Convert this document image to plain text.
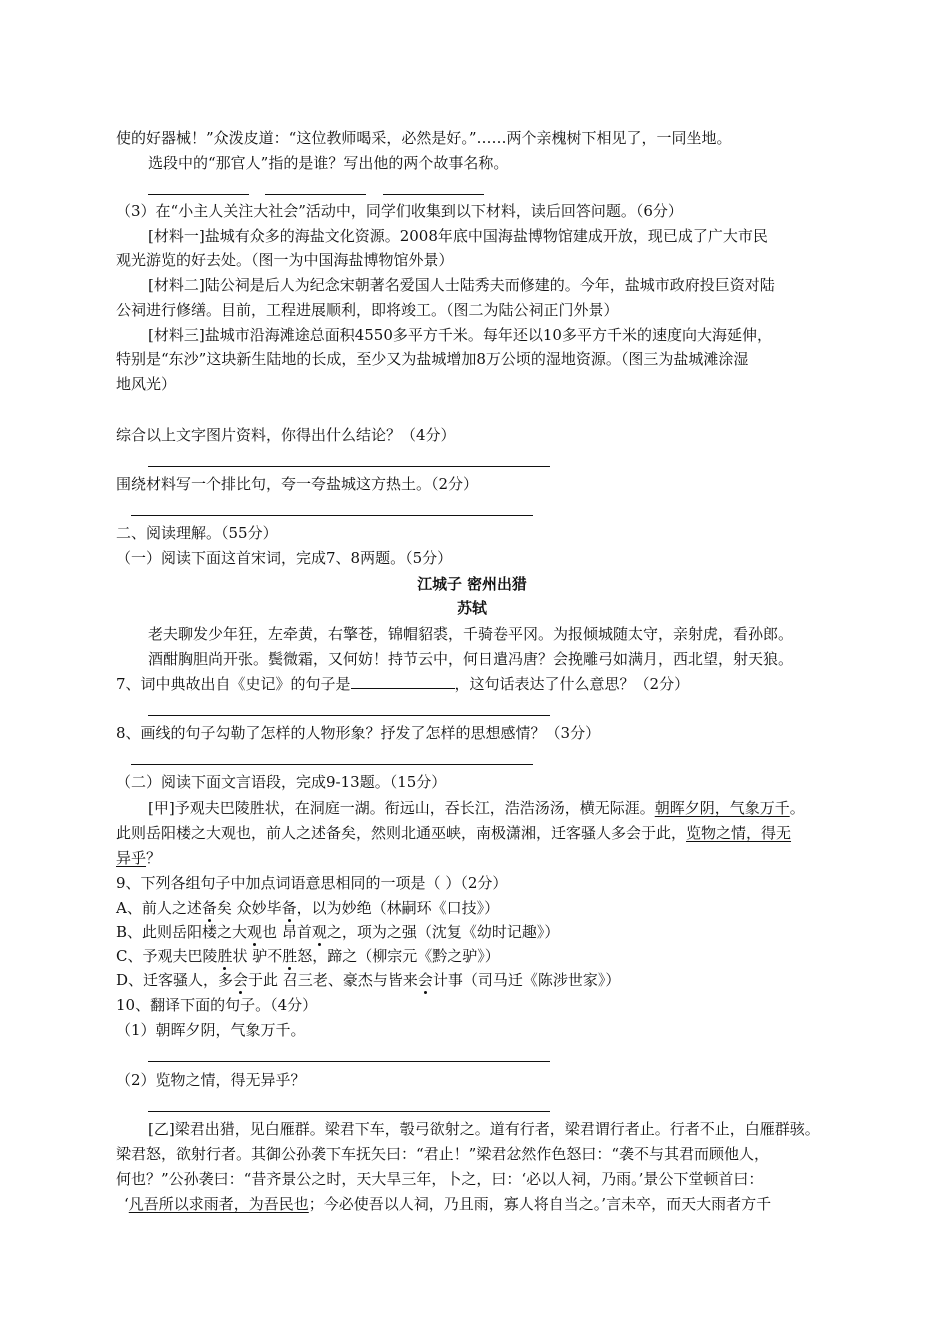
使的好器械！”众泼皮道：“这位教师喝采，必然是好。”……两个亲槐树下相见了，一同坐地。
选段中的“那官人”指的是谁？写出他的两个故事名称。
（3）在“小主人关注大社会”活动中，同学们收集到以下材料，读后回答问题。（6分）
[材料一]盐城有众多的海盐文化资源。2008年底中国海盐博物馆建成开放，现已成了广大市民
观光游览的好去处。（图一为中国海盐博物馆外景）
[材料二]陆公祠是后人为纪念宋朝著名爱国人士陆秀夫而修建的。今年，盐城市政府投巨资对陆
公祠进行修缮。目前，工程进展顺利，即将竣工。（图二为陆公祠正门外景）
[材料三]盐城市沿海滩途总面积4550多平方千米。每年还以10多平方千米的速度向大海延伸，
特别是“东沙”这块新生陆地的长成，至少又为盐城增加8万公顷的湿地资源。（图三为盐城滩涂湿
地风光）
综合以上文字图片资料，你得出什么结论？（4分）
围绕材料写一个排比句，夸一夸盐城这方热土。（2分）
二、阅读理解。（55分）
（一）阅读下面这首宋词，完成7、8两题。（5分）
江城子 密州出猎
苏轼
老夫聊发少年狂，左牵黄，右擎苍，锦帽貂裘，千骑卷平冈。为报倾城随太守，亲射虎，看孙郎。
酒酣胸胆尚开张。鬓微霜，又何妨！持节云中，何日遣冯唐？会挽雕弓如满月，西北望，射天狼。
7、词中典故出自《史记》的句子是	，这句话表达了什么意思？（2分）
8、画线的句子勾勒了怎样的人物形象？抒发了怎样的思想感情？（3分）
（二）阅读下面文言语段，完成9-13题。（15分）
[甲]予观夫巴陵胜状，在洞庭一湖。衔远山，吞长江，浩浩汤汤，横无际涯。朝晖夕阴，气象万千。
此则岳阳楼之大观也，前人之述备矣，然则北通巫峡，南极潇湘，迁客骚人多会于此，览物之情，得无
异乎？
9、下列各组句子中加点词语意思相同的一项是（ ）（2分）
A、前人之述备矣 众妙毕备，以为妙绝（林嗣环《口技》）
B、此则岳阳楼之大观也 昂首观之，项为之强（沈复《幼时记趣》）
C、予观夫巴陵胜状 驴不胜怒，蹄之（柳宗元《黔之驴》）
D、迁客骚人，多会于此 召三老、豪杰与皆来会计事（司马迁《陈涉世家》）
10、翻译下面的句子。（4分）
（1）朝晖夕阴，气象万千。
（2）览物之情，得无异乎？
[乙]梁君出猎，见白雁群。梁君下车，彀弓欲射之。道有行者，梁君谓行者止。行者不止，白雁群骇。
梁君怒，欲射行者。其御公孙袭下车抚矢曰：“君止！”梁君忿然作色怒曰：“袭不与其君而顾他人，
何也？”公孙袭曰：“昔齐景公之时，天大旱三年，卜之，曰：‘必以人祠，乃雨。’景公下堂顿首曰：
‘凡吾所以求雨者，为吾民也；今必使吾以人祠，乃且雨，寡人将自当之。’言未卒，而天大雨者方千
